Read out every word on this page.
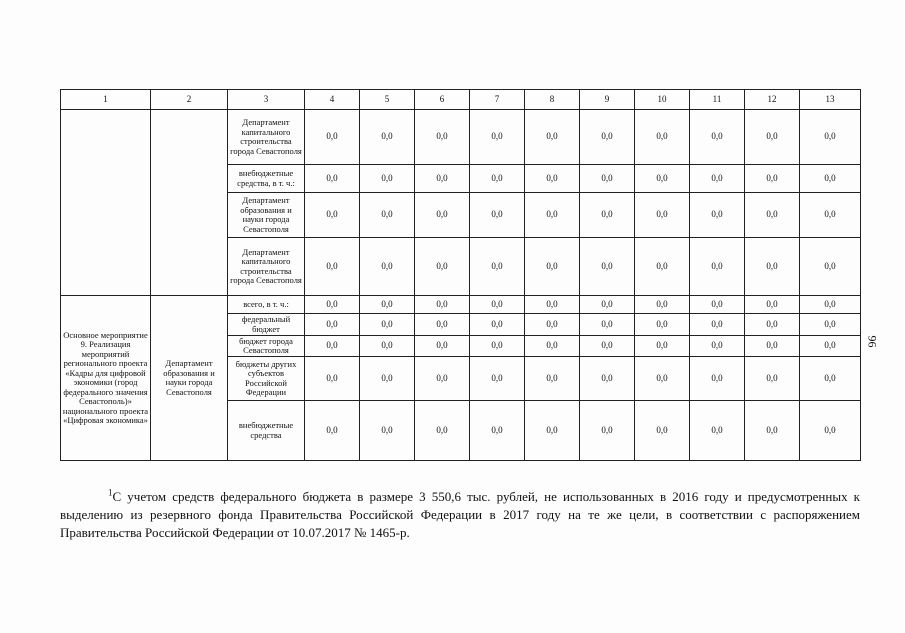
1	2	3	4	5	6	7	8	9	10	11	12	13
		Департамент капитального строительства города Севастополя	0,0	0,0	0,0	0,0	0,0	0,0	0,0	0,0	0,0	0,0
		внебюджетные средства, в т. ч.:	0,0	0,0	0,0	0,0	0,0	0,0	0,0	0,0	0,0	0,0
		Департамент образования и науки города Севастополя	0,0	0,0	0,0	0,0	0,0	0,0	0,0	0,0	0,0	0,0
		Департамент капитального строительства города Севастополя	0,0	0,0	0,0	0,0	0,0	0,0	0,0	0,0	0,0	0,0
Основное мероприятие 9. Реализация мероприятий регионального проекта «Кадры для цифровой экономики (город федерального значения Севастополь)» национального проекта «Цифровая экономика»	Департамент образования и науки города Севастополя	всего, в т. ч.:	0,0	0,0	0,0	0,0	0,0	0,0	0,0	0,0	0,0	0,0
		федеральный бюджет	0,0	0,0	0,0	0,0	0,0	0,0	0,0	0,0	0,0	0,0
		бюджет города Севастополя	0,0	0,0	0,0	0,0	0,0	0,0	0,0	0,0	0,0	0,0
		бюджеты других субъектов Российской Федерации	0,0	0,0	0,0	0,0	0,0	0,0	0,0	0,0	0,0	0,0
		внебюджетные средства	0,0	0,0	0,0	0,0	0,0	0,0	0,0	0,0	0,0	0,0
$^1$С учетом средств федерального бюджета в размере 3 550,6 тыс. рублей, не использованных в 2016 году и предусмотренных к выделению из резервного фонда Правительства Российской Федерации в 2017 году на те же цели, в соответствии с распоряжением Правительства Российской Федерации от 10.07.2017 № 1465-р.
96
